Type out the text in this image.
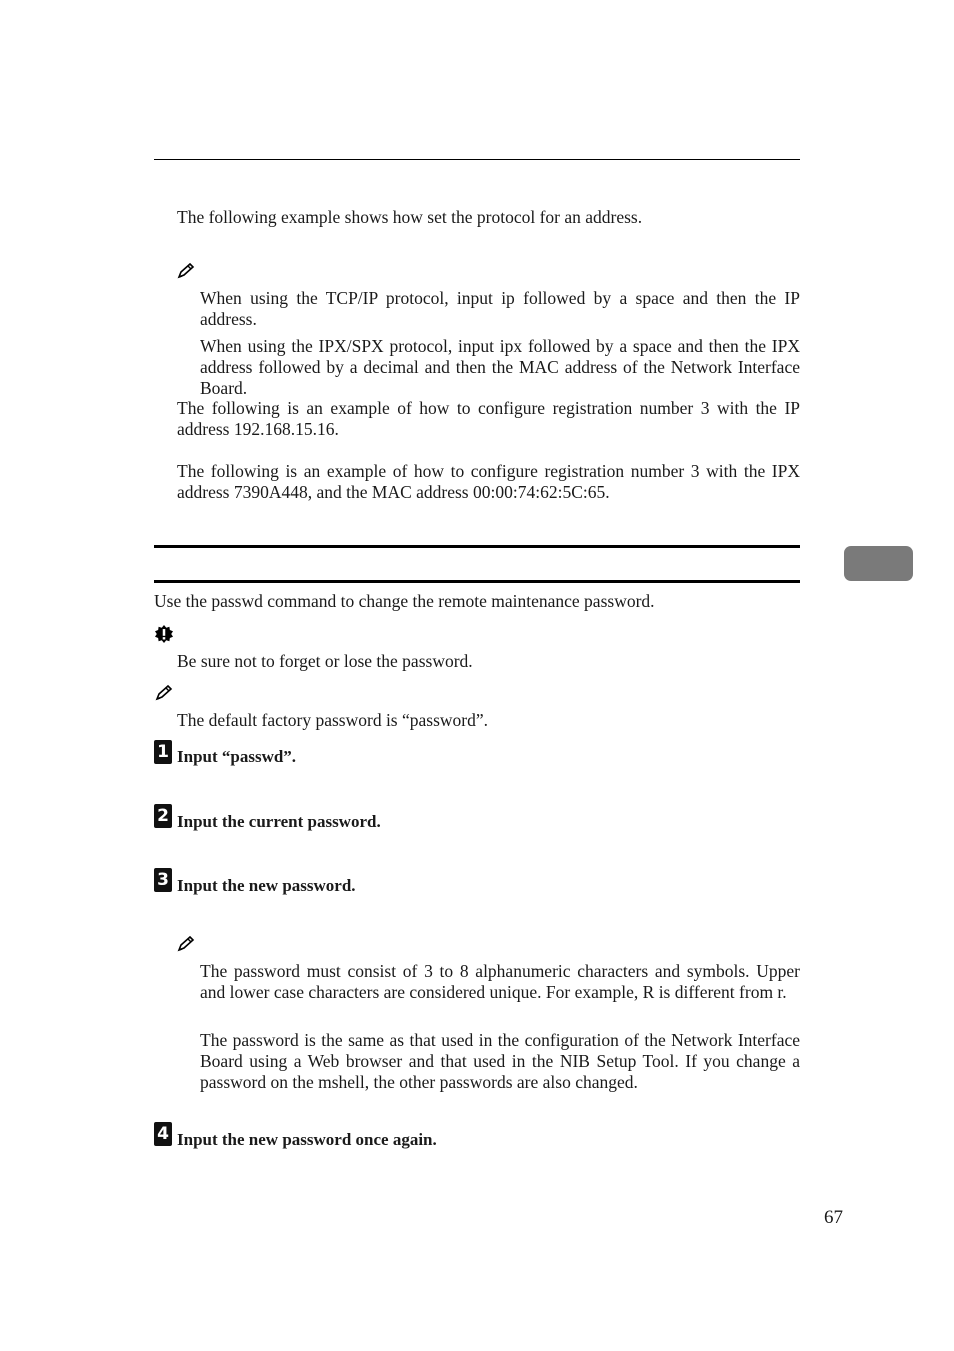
The following example shows how set the protocol for an address.

When using the TCP/IP protocol, input ip followed by a space and then the IP address.

When using the IPX/SPX protocol, input ipx followed by a space and then the IPX address followed by a decimal and then the MAC address of the Network Interface Board.

The following is an example of how to configure registration number 3 with the IP address 192.168.15.16.

The following is an example of how to configure registration number 3 with the IPX address 7390A448, and the MAC address 00:00:74:62:5C:65.

Use the passwd command to change the remote maintenance password.

Be sure not to forget or lose the password.

The default factory password is “password”.

1 Input “passwd”.
2 Input the current password.
3 Input the new password.

The password must consist of 3 to 8 alphanumeric characters and symbols. Upper and lower case characters are considered unique. For example, R is different from r.

The password is the same as that used in the configuration of the Network Interface Board using a Web browser and that used in the NIB Setup Tool. If you change a password on the mshell, the other passwords are also changed.

4 Input the new password once again.
67
